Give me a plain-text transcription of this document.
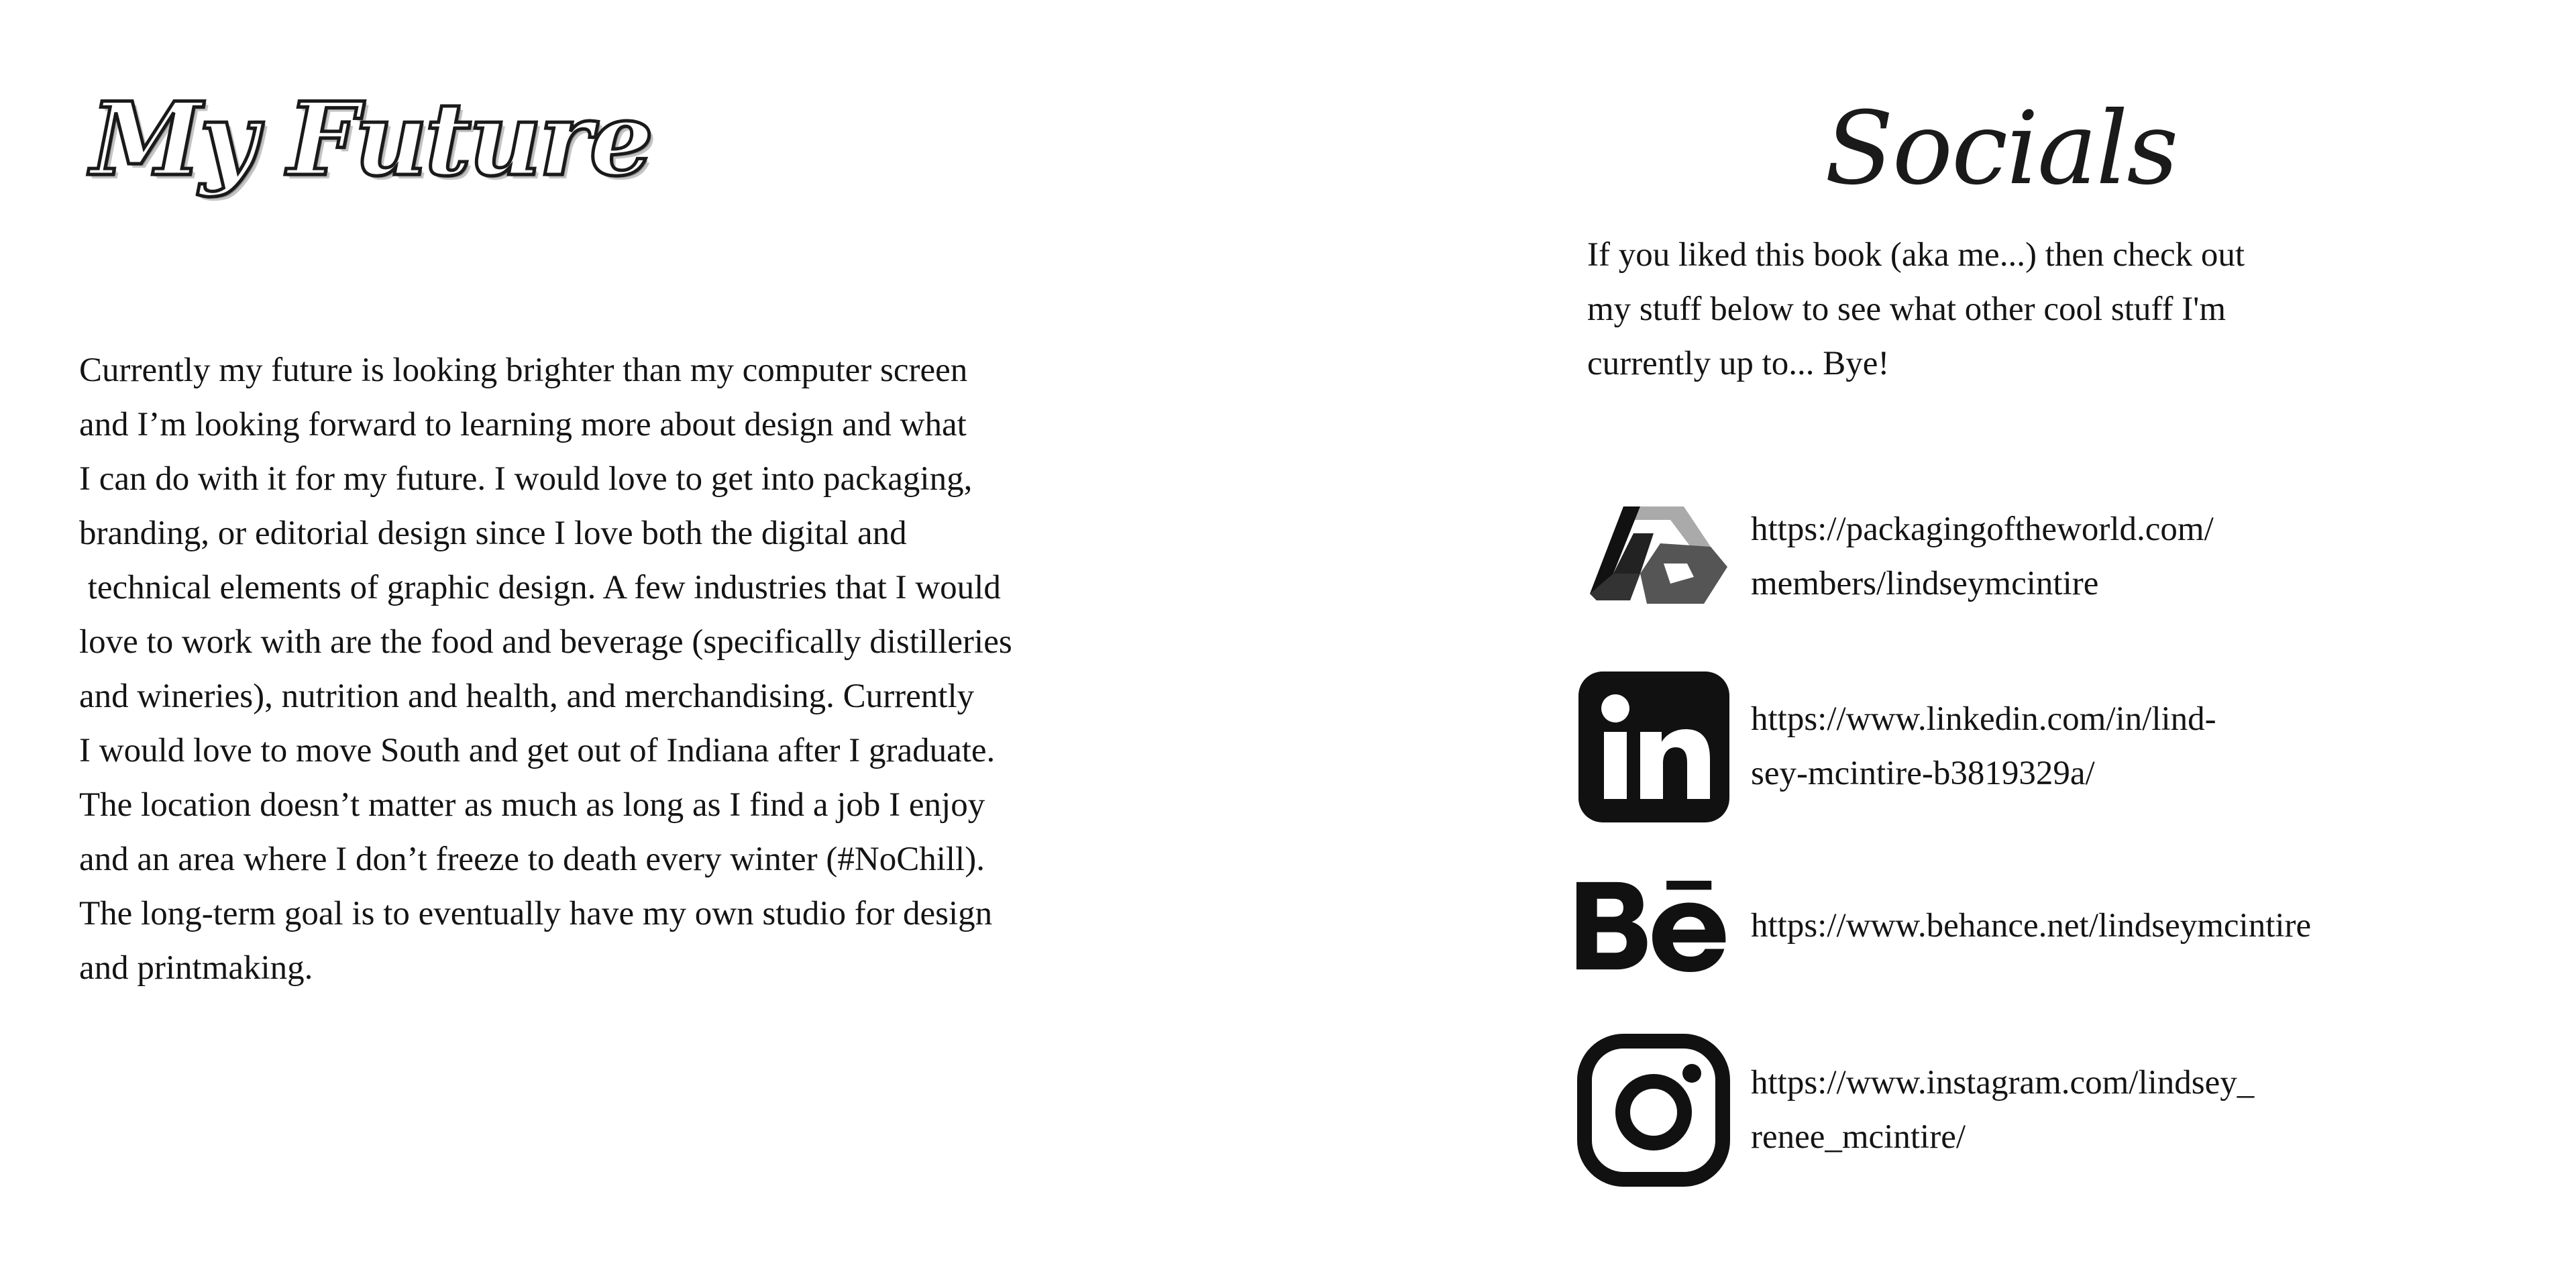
My Future
Currently my future is looking brighter than my computer screen
and I’m looking forward to learning more about design and what
I can do with it for my future. I would love to get into packaging,
branding, or editorial design since I love both the digital and
technical elements of graphic design. A few industries that I would
love to work with are the food and beverage (specifically distilleries
and wineries), nutrition and health, and merchandising. Currently
I would love to move South and get out of Indiana after I graduate.
The location doesn’t matter as much as long as I find a job I enjoy
and an area where I don’t freeze to death every winter (#NoChill).
The long-term goal is to eventually have my own studio for design
and printmaking.
Socials
If you liked this book (aka me...) then check out
my stuff below to see what other cool stuff I'm
currently up to... Bye!
https://packagingoftheworld.com/
members/lindseymcintire
https://www.linkedin.com/in/lind-
sey-mcintire-b3819329a/
https://www.behance.net/lindseymcintire
https://www.instagram.com/lindsey_
renee_mcintire/
